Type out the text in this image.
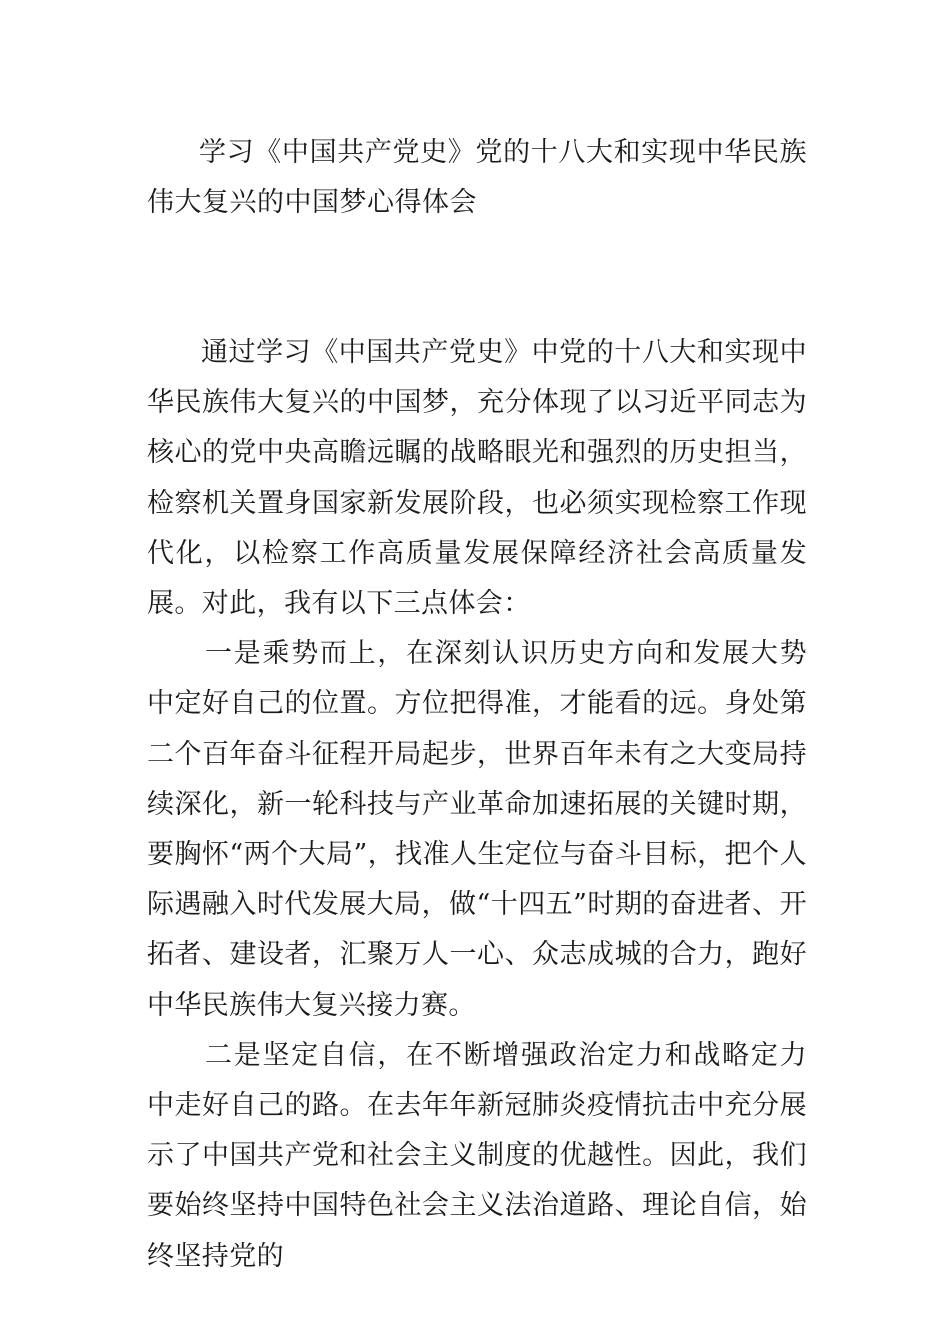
学习《中国共产党史》党的十八大和实现中华民族伟大复兴的中国梦心得体会

通过学习《中国共产党史》中党的十八大和实现中华民族伟大复兴的中国梦，充分体现了以习近平同志为核心的党中央高瞻远瞩的战略眼光和强烈的历史担当，检察机关置身国家新发展阶段，也必须实现检察工作现代化，以检察工作高质量发展保障经济社会高质量发展。对此，我有以下三点体会：

一是乘势而上，在深刻认识历史方向和发展大势中定好自己的位置。方位把得准，才能看的远。身处第二个百年奋斗征程开局起步，世界百年未有之大变局持续深化，新一轮科技与产业革命加速拓展的关键时期，要胸怀“两个大局”，找准人生定位与奋斗目标，把个人际遇融入时代发展大局，做“十四五”时期的奋进者、开拓者、建设者，汇聚万人一心、众志成城的合力，跑好中华民族伟大复兴接力赛。

二是坚定自信，在不断增强政治定力和战略定力中走好自己的路。在去年年新冠肺炎疫情抗击中充分展示了中国共产党和社会主义制度的优越性。因此，我们要始终坚持中国特色社会主义法治道路、理论自信，始终坚持党的
